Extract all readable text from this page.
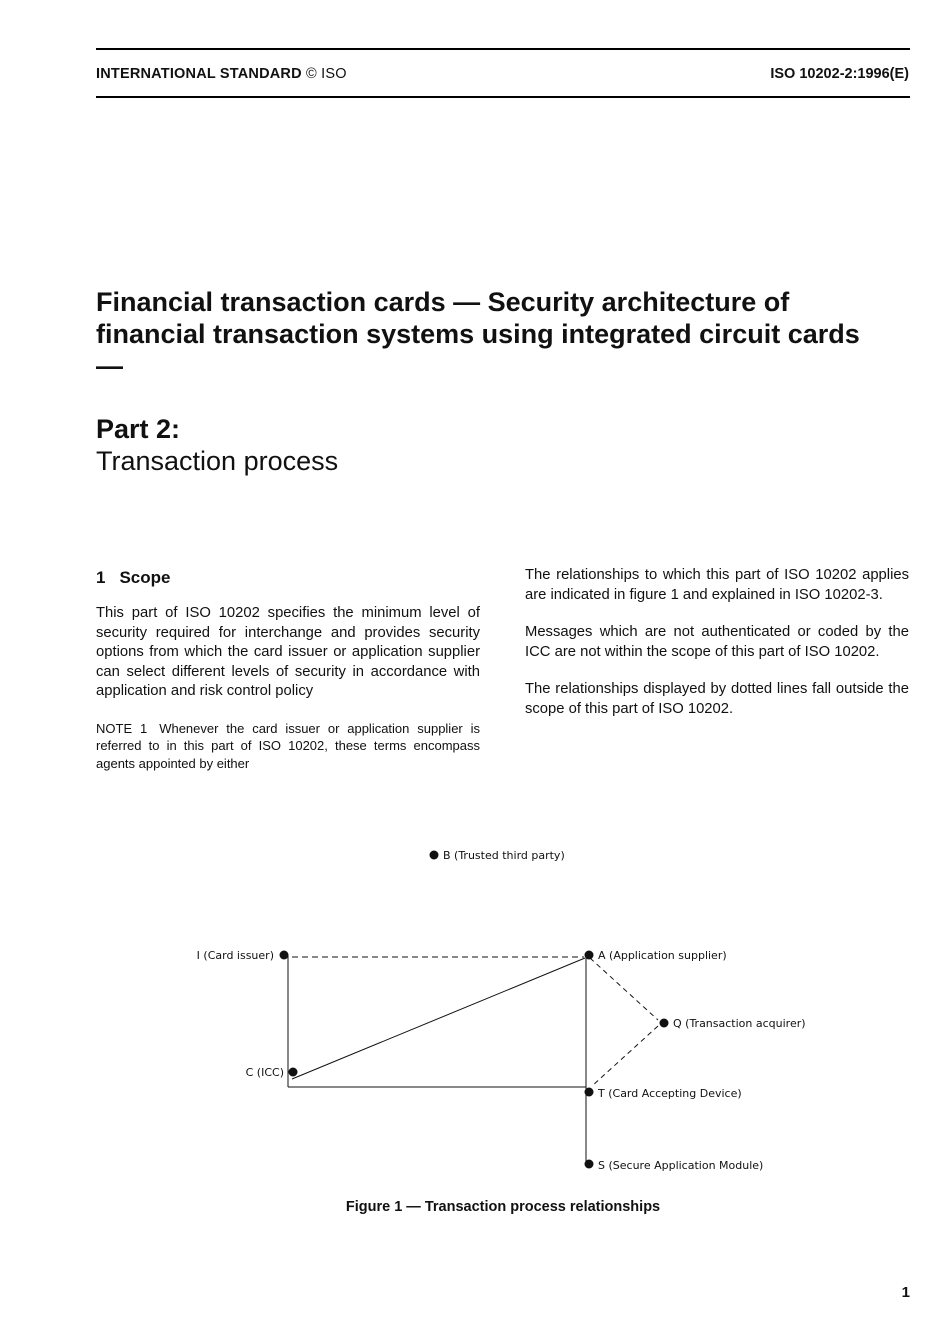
INTERNATIONAL STANDARD © ISO	ISO 10202-2:1996(E)
Financial transaction cards — Security architecture of financial transaction systems using integrated circuit cards —
Part 2:
Transaction process
1 Scope

This part of ISO 10202 specifies the minimum level of security required for interchange and provides security options from which the card issuer or application supplier can select different levels of security in accordance with application and risk control policy

NOTE 1 Whenever the card issuer or application supplier is referred to in this part of ISO 10202, these terms encompass agents appointed by either

The relationships to which this part of ISO 10202 applies are indicated in figure 1 and explained in ISO 10202-3.

Messages which are not authenticated or coded by the ICC are not within the scope of this part of ISO 10202.

The relationships displayed by dotted lines fall outside the scope of this part of ISO 10202.

B (Trusted third party)
I (Card issuer)	A (Application supplier)
Q (Transaction acquirer)
C (ICC)
T (Card Accepting Device)
S (Secure Application Module)
Figure 1 — Transaction process relationships
1
